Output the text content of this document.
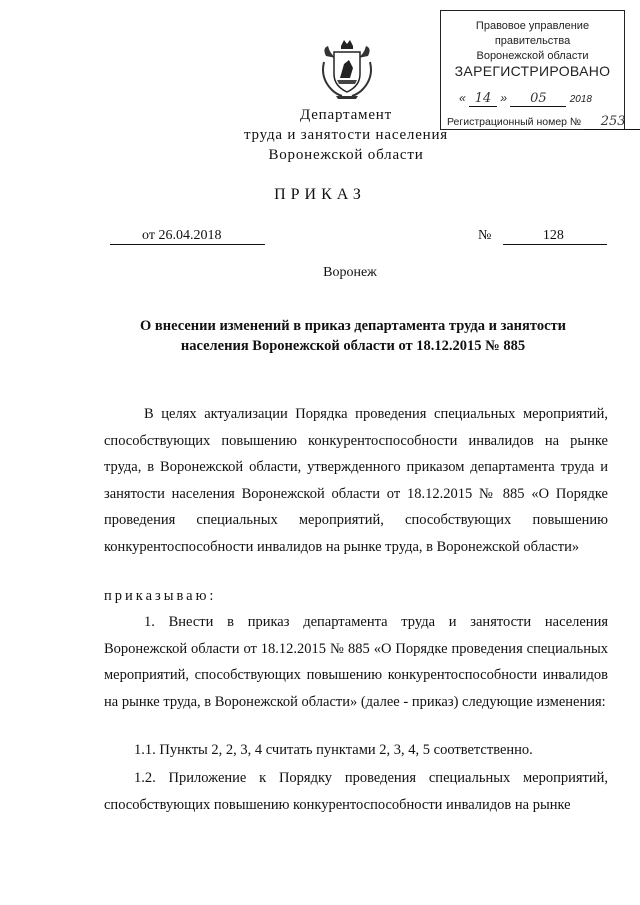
Правовое управление правительства
Воронежской области
ЗАРЕГИСТРИРОВАНО
« 14 » 05 2018
Регистрационный номер № 253
Департамент
труда и занятости населения
Воронежской области
ПРИКАЗ
от 26.04.2018	№	128
Воронеж
О внесении изменений в приказ департамента труда и занятости
населения Воронежской области от 18.12.2015 № 885
В целях актуализации Порядка проведения специальных мероприятий, способствующих повышению конкурентоспособности инвалидов на рынке труда, в Воронежской области, утвержденного приказом департамента труда и занятости населения Воронежской области от 18.12.2015 № 885 «О Порядке проведения специальных мероприятий, способствующих повышению конкурентоспособности инвалидов на рынке труда, в Воронежской области»
приказываю:
1. Внести в приказ департамента труда и занятости населения Воронежской области от 18.12.2015 № 885 «О Порядке проведения специальных мероприятий, способствующих повышению конкурентоспособности инвалидов на рынке труда, в Воронежской области» (далее - приказ) следующие изменения:
1.1. Пункты 2, 2, 3, 4 считать пунктами 2, 3, 4, 5 соответственно.
1.2. Приложение к Порядку проведения специальных мероприятий, способствующих повышению конкурентоспособности инвалидов на рынке
